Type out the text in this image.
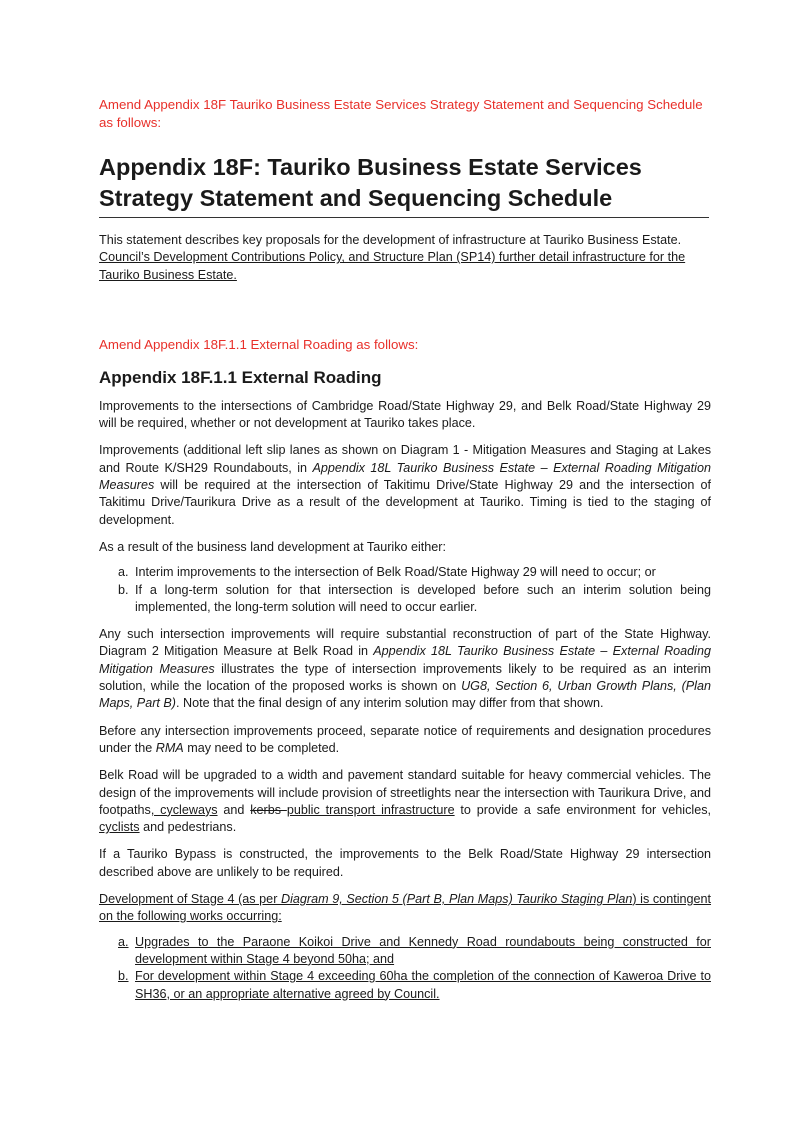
Amend Appendix 18F Tauriko Business Estate Services Strategy Statement and Sequencing Schedule as follows:

Appendix 18F: Tauriko Business Estate Services Strategy Statement and Sequencing Schedule

This statement describes key proposals for the development of infrastructure at Tauriko Business Estate.
Council’s Development Contributions Policy, and Structure Plan (SP14) further detail infrastructure for the Tauriko Business Estate.

Amend Appendix 18F.1.1 External Roading as follows:

Appendix 18F.1.1 External Roading

Improvements to the intersections of Cambridge Road/State Highway 29, and Belk Road/State Highway 29 will be required, whether or not development at Tauriko takes place.

Improvements (additional left slip lanes as shown on Diagram 1 - Mitigation Measures and Staging at Lakes and Route K/SH29 Roundabouts, in Appendix 18L Tauriko Business Estate – External Roading Mitigation Measures will be required at the intersection of Takitimu Drive/State Highway 29 and the intersection of Takitimu Drive/Taurikura Drive as a result of the development at Tauriko. Timing is tied to the staging of development.

As a result of the business land development at Tauriko either:

a. Interim improvements to the intersection of Belk Road/State Highway 29 will need to occur; or
b. If a long-term solution for that intersection is developed before such an interim solution being implemented, the long-term solution will need to occur earlier.

Any such intersection improvements will require substantial reconstruction of part of the State Highway. Diagram 2 Mitigation Measure at Belk Road in Appendix 18L Tauriko Business Estate – External Roading Mitigation Measures illustrates the type of intersection improvements likely to be required as an interim solution, while the location of the proposed works is shown on UG8, Section 6, Urban Growth Plans, (Plan Maps, Part B). Note that the final design of any interim solution may differ from that shown.

Before any intersection improvements proceed, separate notice of requirements and designation procedures under the RMA may need to be completed.

Belk Road will be upgraded to a width and pavement standard suitable for heavy commercial vehicles. The design of the improvements will include provision of streetlights near the intersection with Taurikura Drive, and footpaths, cycleways and kerbs public transport infrastructure to provide a safe environment for vehicles, cyclists and pedestrians.

If a Tauriko Bypass is constructed, the improvements to the Belk Road/State Highway 29 intersection described above are unlikely to be required.

Development of Stage 4 (as per Diagram 9, Section 5 (Part B, Plan Maps) Tauriko Staging Plan) is contingent on the following works occurring:

a. Upgrades to the Paraone Koikoi Drive and Kennedy Road roundabouts being constructed for development within Stage 4 beyond 50ha; and
b. For development within Stage 4 exceeding 60ha the completion of the connection of Kaweroa Drive to SH36, or an appropriate alternative agreed by Council.
